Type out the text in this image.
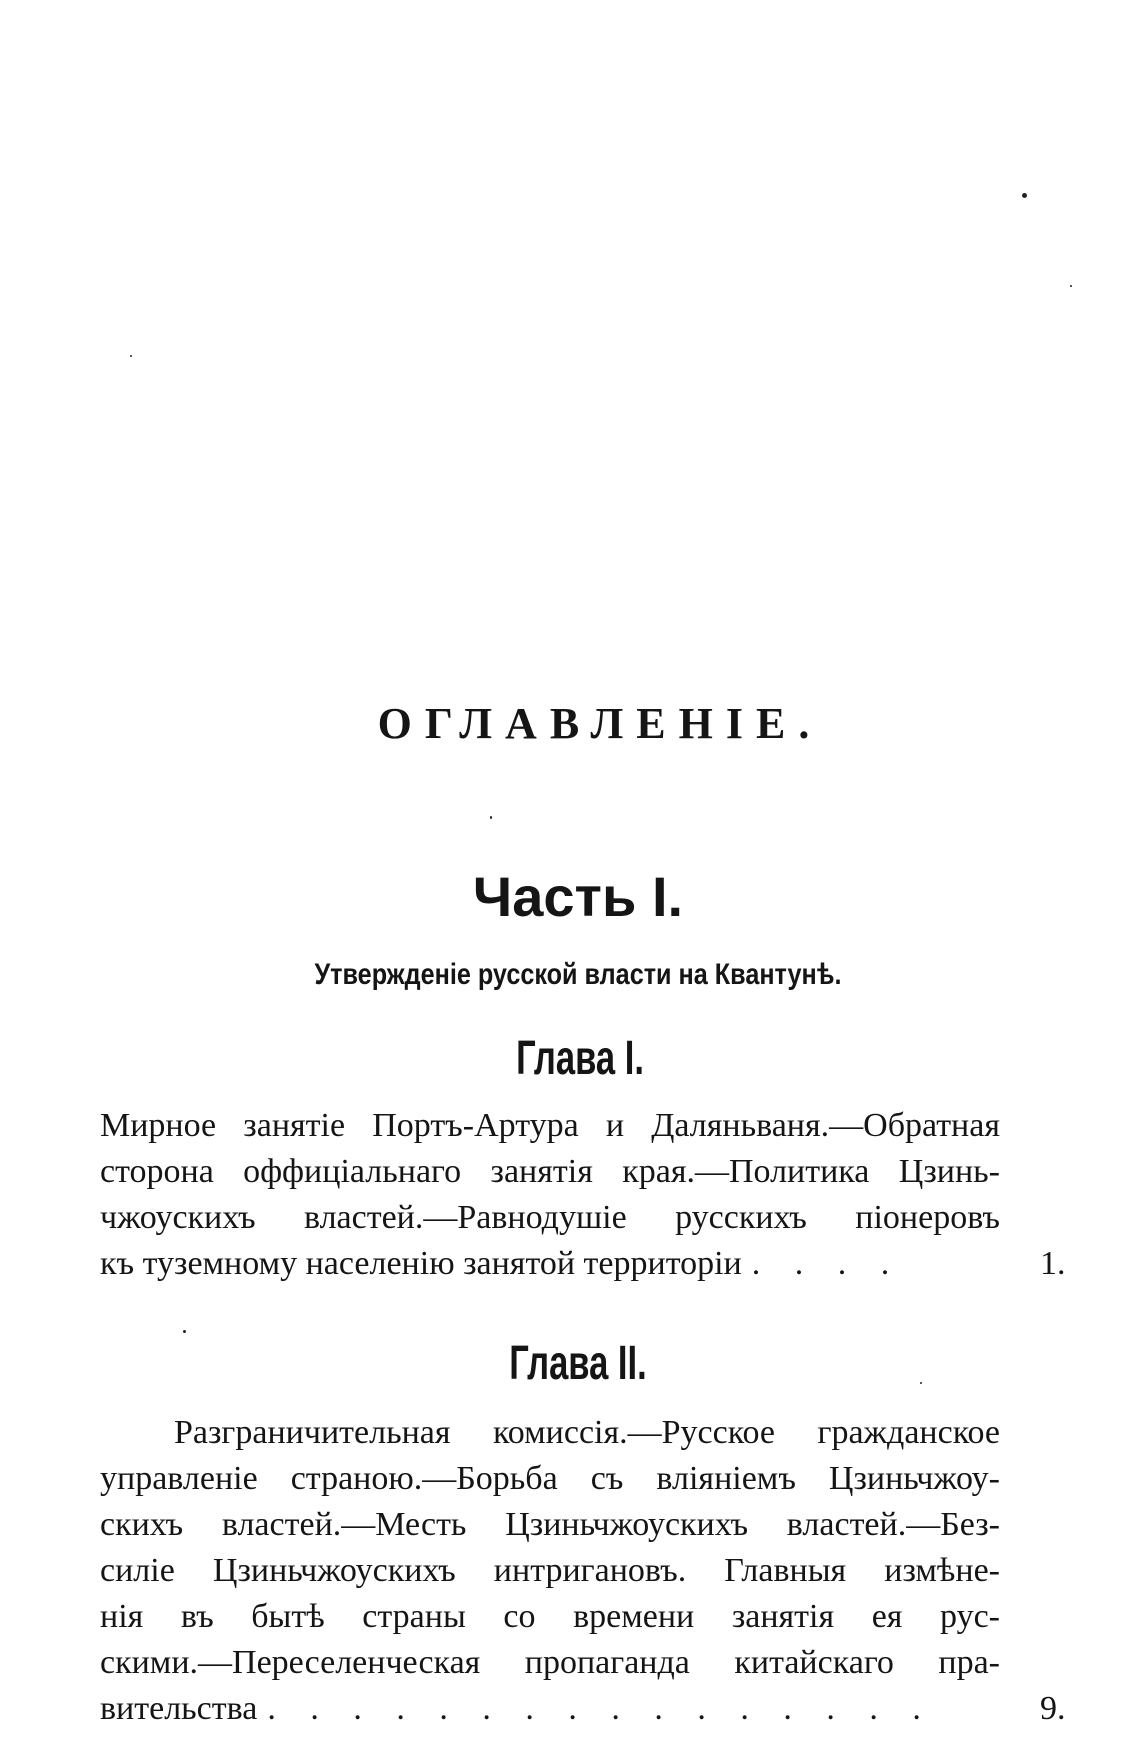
ОГЛАВЛЕНІЕ.
Часть I.
Утвержденіе русской власти на Квантунѣ.
Глава I.

Мирное занятіе Портъ-Артура и Даляньваня.—Обратная

сторона оффиціальнаго занятія края.—Политика Цзинь-

чжоускихъ властей.—Равнодушіе русскихъ піонеровъ

къ туземному населенію занятой территоріи . . . .	1.

Глава II.

Разграничительная комиссія.—Русское гражданское

управленіе страною.—Борьба съ вліяніемъ Цзиньчжоу-

скихъ властей.—Месть Цзиньчжоускихъ властей.—Без-

силіе Цзиньчжоускихъ интригановъ. Главныя измѣне-

нія въ бытѣ страны со времени занятія ея рус-

скими.—Переселенческая пропаганда китайскаго пра-

вительства . . . . . . . . . . . . . . . .	9.
